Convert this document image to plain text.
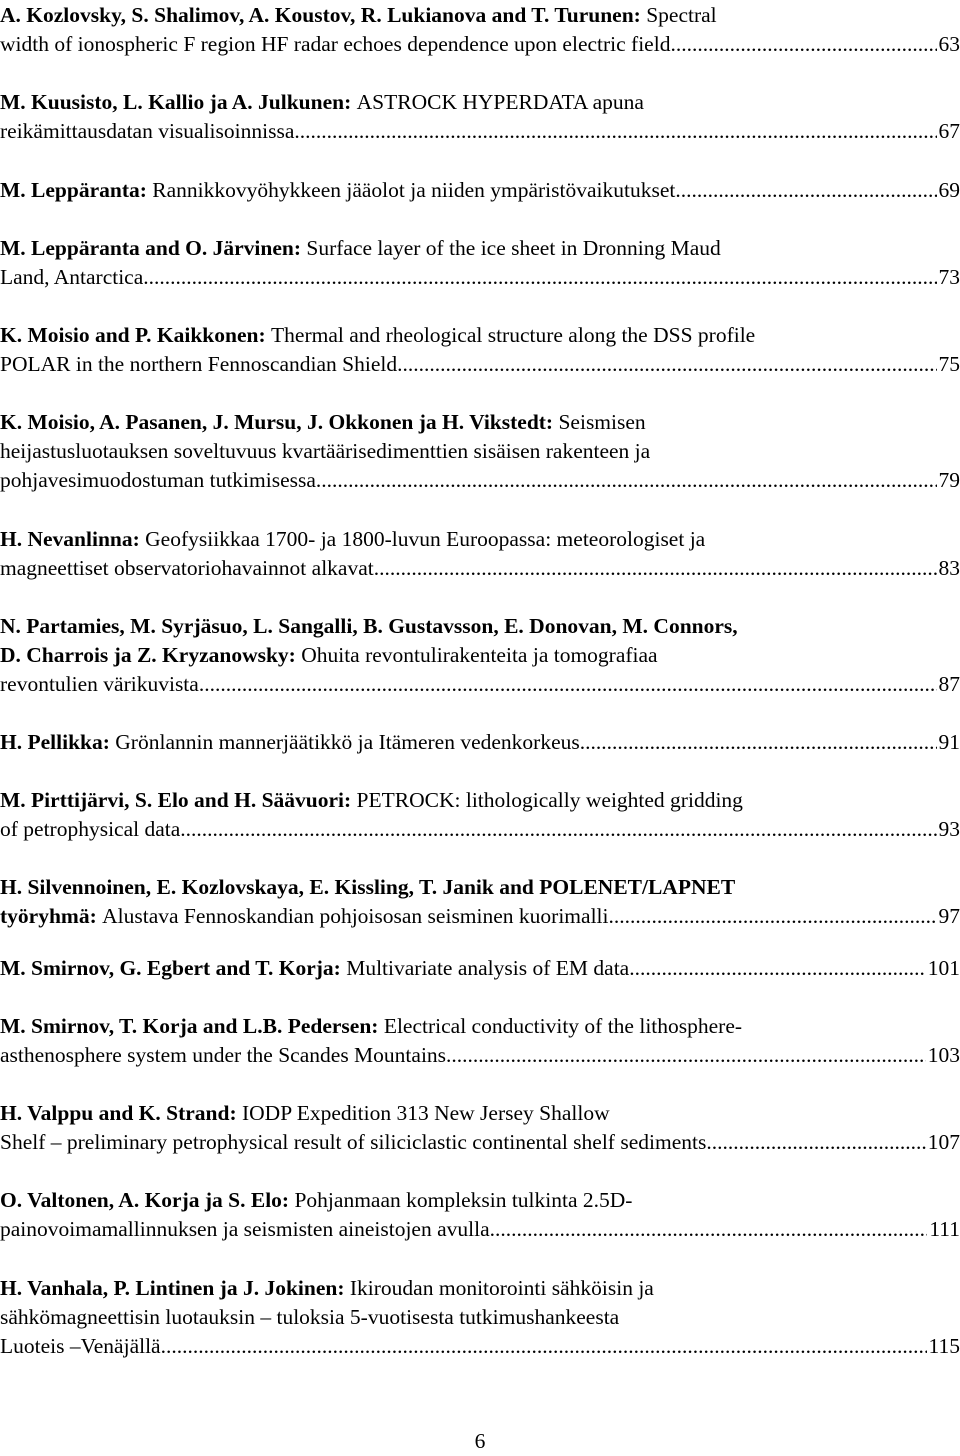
A. Kozlovsky, S. Shalimov, A. Koustov, R. Lukianova and T. Turunen: Spectral
width of ionospheric F region HF radar echoes dependence upon electric field .....	63
M. Kuusisto, L. Kallio ja A. Julkunen: ASTROCK HYPERDATA apuna
reikämittausdatan visualisoinnissa .....	67
M. Leppäranta: Rannikkovyöhykkeen jääolot ja niiden ympäristövaikutukset .....	69
M. Leppäranta and O. Järvinen: Surface layer of the ice sheet in Dronning Maud
Land, Antarctica .....	73
K. Moisio and P. Kaikkonen: Thermal and rheological structure along the DSS profile
POLAR in the northern Fennoscandian Shield .....	75
K. Moisio, A. Pasanen, J. Mursu, J. Okkonen ja H. Vikstedt: Seismisen
heijastusluotauksen soveltuvuus kvartäärisedimenttien sisäisen rakenteen ja
pohjavesimuodostuman tutkimisessa .....	79
H. Nevanlinna: Geofysiikkaa 1700- ja 1800-luvun Euroopassa: meteorologiset ja
magneettiset observatoriohavainnot alkavat .....	83
N. Partamies, M. Syrjäsuo, L. Sangalli, B. Gustavsson, E. Donovan, M. Connors,
D. Charrois ja Z. Kryzanowsky: Ohuita revontulirakenteita ja tomografiaa
revontulien värikuvista .....	87
H. Pellikka: Grönlannin mannerjäätikkö ja Itämeren vedenkorkeus .....	91
M. Pirttijärvi, S. Elo and H. Säävuori: PETROCK: lithologically weighted gridding
of petrophysical data .....	93
H. Silvennoinen, E. Kozlovskaya, E. Kissling, T. Janik and POLENET/LAPNET
työryhmä: Alustava Fennoskandian pohjoisosan seisminen kuorimalli .....	97
M. Smirnov, G. Egbert and T. Korja: Multivariate analysis of EM data .....	101
M. Smirnov, T. Korja and L.B. Pedersen: Electrical conductivity of the lithosphere-
asthenosphere system under the Scandes Mountains .....	103
H. Valppu and K. Strand: IODP Expedition 313 New Jersey Shallow
Shelf – preliminary petrophysical result of siliciclastic continental shelf sediments .....	107
O. Valtonen, A. Korja ja S. Elo: Pohjanmaan kompleksin tulkinta 2.5D-
painovoimamallinnuksen ja seismisten aineistojen avulla .....	111
H. Vanhala, P. Lintinen ja J. Jokinen: Ikiroudan monitorointi sähköisin ja
sähkömagneettisin luotauksin – tuloksia 5-vuotisesta tutkimushankeesta
Luoteis –Venäjällä .....	115
6
